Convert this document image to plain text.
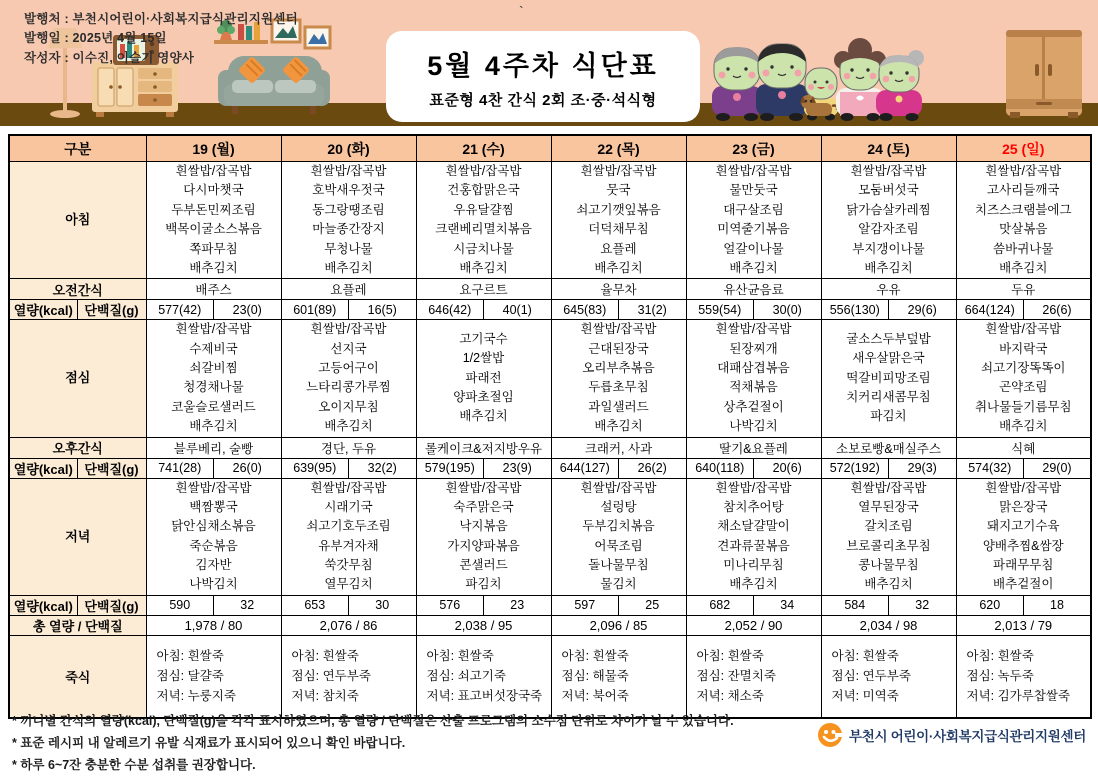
발행처 : 부천시어린이·사회복지급식관리지원센터
발행일 : 2025년 4월 15일
작성자 : 이수진, 이슬기 영양사
`
5월 4주차 식단표
표준형 4찬 간식 2회 조·중·석식형
구분		19 (월)		20 (화)		21 (수)		22 (목)		23 (금)		24 (토)		25 (일)	
아침	
흰쌀밥/잡곡밥
다시마챗국
두부돈민찌조림
백목이굴소스볶음
쪽파무침
배추김치

흰쌀밥/잡곡밥
호박새우젓국
동그랑땡조림
마늘종간장지
무청나물
배추김치

흰쌀밥/잡곡밥
건홍합맑은국
우유달걀찜
크랜베리멸치볶음
시금치나물
배추김치

흰쌀밥/잡곡밥
뭇국
쇠고기깻잎볶음
더덕채무침
요플레
배추김치

흰쌀밥/잡곡밥
물만둣국
대구살조림
미역줄기볶음
얼갈이나물
배추김치

흰쌀밥/잡곡밥
모둠버섯국
닭가슴살카레찜
알감자조림
부지갱이나물
배추김치

흰쌀밥/잡곡밥
고사리들깨국
치즈스크램블에그
맛살볶음
씀바귀나물
배추김치

오전간식		배주스		요플레		요구르트		율무차		유산균음료		우유		두유	
열량(kcal)	단백질(g)	577(42)	23(0)	601(89)	16(5)	646(42)	40(1)	645(83)	31(2)	559(54)	30(0)	556(130)	29(6)	664(124)	26(6)
점심	
흰쌀밥/잡곡밥
수제비국
쇠갈비찜
청경채나물
코울슬로샐러드
배추김치

흰쌀밥/잡곡밥
선지국
고등어구이
느타리콩가루찜
오이지무침
배추김치

고기국수
1/2쌀밥
파래전
양파초절임
배추김치

흰쌀밥/잡곡밥
근대된장국
오리부추볶음
두릅초무침
과일샐러드
배추김치

흰쌀밥/잡곡밥
된장찌개
대패삼겹볶음
적채볶음
상추겉절이
나박김치

굴소스두부덮밥
새우살맑은국
떡갈비피망조림
치커리새콤무침
파김치

흰쌀밥/잡곡밥
바지락국
쇠고기장똑똑이
곤약조림
취나물들기름무침
배추김치

오후간식		블루베리, 술빵		경단, 두유		롤케이크&저지방우유		크래커, 사과		딸기&요플레		소보로빵&매실주스		식혜	
열량(kcal)	단백질(g)	741(28)	26(0)	639(95)	32(2)	579(195)	23(9)	644(127)	26(2)	640(118)	20(6)	572(192)	29(3)	574(32)	29(0)
저녁	
흰쌀밥/잡곡밥
백짬뽕국
닭안심채소볶음
죽순볶음
김자반
나박김치

흰쌀밥/잡곡밥
시래기국
쇠고기호두조림
유부겨자채
쑥갓무침
열무김치

흰쌀밥/잡곡밥
숙주맑은국
낙지볶음
가지양파볶음
콘샐러드
파김치

흰쌀밥/잡곡밥
설렁탕
두부김치볶음
어묵조림
돌나물무침
물김치

흰쌀밥/잡곡밥
참치추어탕
채소달걀말이
견과류꿀볶음
미나리무침
배추김치

흰쌀밥/잡곡밥
열무된장국
갈치조림
브로콜리초무침
콩나물무침
배추김치

흰쌀밥/잡곡밥
맑은장국
돼지고기수육
양배추찜&쌈장
파래무무침
배추겉절이

열량(kcal)	단백질(g)	590	32	653	30	576	23	597	25	682	34	584	32	620	18
총 열량 / 단백질		1,978 / 80		2,076 / 86		2,038 / 95		2,096 / 85		2,052 / 90		2,034 / 98		2,013 / 79	
죽식	
아침: 흰쌀죽
점심: 달걀죽
저녁: 누룽지죽

아침: 흰쌀죽
점심: 연두부죽
저녁: 참치죽

아침: 흰쌀죽
점심: 쇠고기죽
저녁: 표고버섯장국죽

아침: 흰쌀죽
점심: 해물죽
저녁: 북어죽

아침: 흰쌀죽
점심: 잔멸치죽
저녁: 채소죽

아침: 흰쌀죽
점심: 연두부죽
저녁: 미역죽

아침: 흰쌀죽
점심: 녹두죽
저녁: 김가루찹쌀죽
* 끼니별 간식의 열량(kcal), 단백질(g)을 각각 표시하였으며, 총 열량 / 단백질은 산출 프로그램의 소수점 단위로 차이가 날 수 있습니다.
* 표준 레시피 내 알레르기 유발 식재료가 표시되어 있으니 확인 바랍니다.
* 하루 6~7잔 충분한 수분 섭취를 권장합니다.
부천시 어린이·사회복지급식관리지원센터
